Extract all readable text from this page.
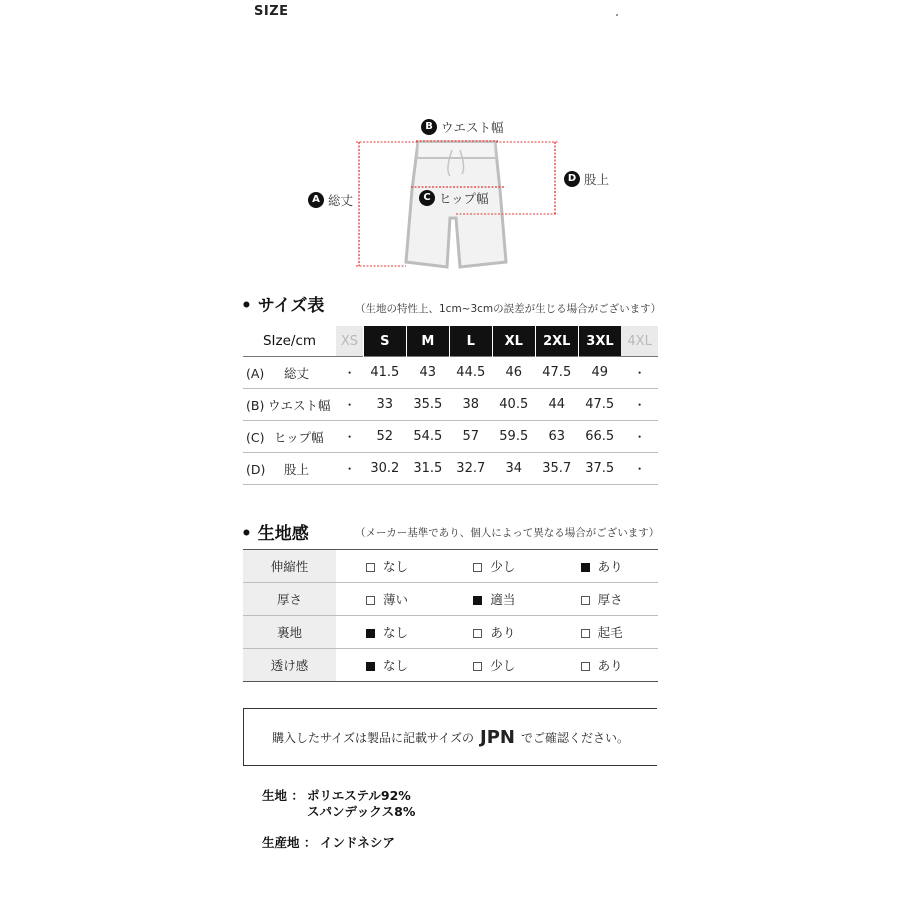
SIZE
B ウエスト幅
A 総丈	C ヒップ幅
D 股上
• サイズ表	（生地の特性上、1cm~3cmの誤差が生じる場合がございます）
SIze/cm	XS	S	M	L	XL	2XL	3XL	4XL
(A) 総丈	・	41.5	43	44.5	46	47.5	49	・
(B) ウエスト幅	・	33	35.5	38	40.5	44	47.5	・
(C) ヒップ幅	・	52	54.5	57	59.5	63	66.5	・
(D) 股上	・	30.2	31.5	32.7	34	35.7	37.5	・
• 生地感	（メーカー基準であり、個人によって異なる場合がございます）
伸縮性	なし	少し	あり
厚さ	薄い	適当	厚さ
裏地	なし	あり	起毛
透け感	なし	少し	あり
購入したサイズは製品に記載サイズの JPN でご確認ください。
生地 ： ポリエステル92%
スパンデックス8%
生産地 ： インドネシア
